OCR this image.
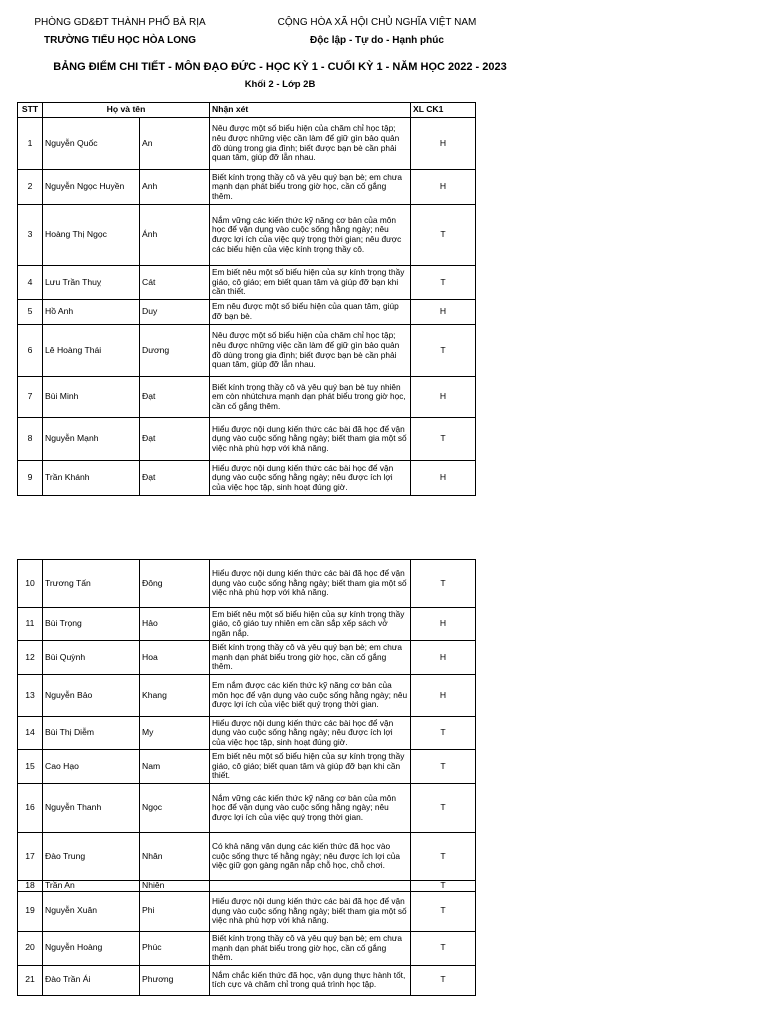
PHÒNG GD&ĐT THÀNH PHỐ BÀ RỊA
TRƯỜNG TIỂU HỌC HÒA LONG
CỘNG HÒA XÃ HỘI CHỦ NGHĨA VIỆT NAM
Độc lập - Tự do - Hạnh phúc
BẢNG ĐIỂM CHI TIẾT - MÔN ĐẠO ĐỨC - HỌC KỲ 1 - CUỐI KỲ 1 - NĂM HỌC 2022 - 2023
Khối 2 - Lớp 2B
STT	Họ và tên		Nhận xét	XL CK1
1	Nguyễn Quốc	An	Nêu được một số biểu hiện của chăm chỉ học tập; nêu được những việc cần làm để giữ gìn bảo quản đồ dùng trong gia đình; biết được bạn bè cần phải quan tâm, giúp đỡ lẫn nhau.	H
2	Nguyễn Ngọc Huyền	Anh	Biết kính trọng thầy cô và yêu quý bạn bè; em chưa mạnh dạn phát biểu trong giờ học, cần cố gắng thêm.	H
3	Hoàng Thị Ngọc	Ánh	Nắm vững các kiến thức kỹ năng cơ bản của môn học để vận dụng vào cuộc sống hằng ngày; nêu được lợi ích của việc quý trọng thời gian; nêu được các biểu hiện của việc kính trọng thầy cô.	T
4	Lưu Trần Thuỵ	Cát	Em biết nêu một số biểu hiện của sự kính trọng thầy giáo, cô giáo; em biết quan tâm và giúp đỡ bạn khi cần thiết.	T
5	Hồ Anh	Duy	Em nêu được một số biểu hiện của quan tâm, giúp đỡ bạn bè.	H
6	Lê Hoàng Thái	Dương	Nêu được một số biểu hiện của chăm chỉ học tập; nêu được những việc cần làm để giữ gìn bảo quản đồ dùng trong gia đình; biết được bạn bè cần phải quan tâm, giúp đỡ lẫn nhau.	T
7	Bùi Minh	Đạt	Biết kính trọng thầy cô và yêu quý bạn bè tuy nhiên em còn nhútchưa mạnh dạn phát biểu trong giờ học, cần cố gắng thêm.	H
8	Nguyễn Mạnh	Đạt	Hiểu được nội dung kiến thức các bài đã học để vận dụng vào cuộc sống hằng ngày; biết tham gia một số việc nhà phù hợp với khả năng.	T
9	Trần Khánh	Đạt	Hiểu được nội dung kiến thức các bài học để vận dụng vào cuộc sống hằng ngày; nêu được ích lợi của việc học tập, sinh hoạt đúng giờ.	H
10	Trương Tấn	Đông	Hiểu được nội dung kiến thức các bài đã học để vận dụng vào cuộc sống hằng ngày; biết tham gia một số việc nhà phù hợp với khả năng.	T
11	Bùi Trọng	Hảo	Em biết nêu một số biểu hiện của sự kính trọng thầy giáo, cô giáo tuy nhiên em cần sắp xếp sách vở ngăn nắp.	H
12	Bùi Quỳnh	Hoa	Biết kính trọng thầy cô và yêu quý bạn bè; em chưa mạnh dạn phát biểu trong giờ học, cần cố gắng thêm.	H
13	Nguyễn Bảo	Khang	Em nắm được các kiến thức kỹ năng cơ bản của môn học để vận dụng vào cuộc sống hằng ngày; nêu được lợi ích của việc biết quý trọng thời gian.	H
14	Bùi Thị Diễm	My	Hiểu được nội dung kiến thức các bài học để vận dụng vào cuộc sống hằng ngày; nêu được ích lợi của việc học tập, sinh hoạt đúng giờ.	T
15	Cao Hạo	Nam	Em biết nêu một số biểu hiện của sự kính trọng thầy giáo, cô giáo; biết quan tâm và giúp đỡ bạn khi cần thiết.	T
16	Nguyễn Thanh	Ngọc	Nắm vững các kiến thức kỹ năng cơ bản của môn học để vận dụng vào cuộc sống hằng ngày; nêu được lợi ích của việc quý trọng thời gian.	T
17	Đào Trung	Nhân	Có khả năng vận dụng các kiến thức đã học vào cuộc sống thực tế hằng ngày; nêu được ích lợi của việc giữ gọn gàng ngăn nắp chỗ học, chỗ chơi.	T
18	Trần An	Nhiên		T
19	Nguyễn Xuân	Phi	Hiểu được nội dung kiến thức các bài đã học để vận dụng vào cuộc sống hằng ngày; biết tham gia một số việc nhà phù hợp với khả năng.	T
20	Nguyễn Hoàng	Phúc	Biết kính trọng thầy cô và yêu quý bạn bè; em chưa mạnh dạn phát biểu trong giờ học, cần cố gắng thêm.	T
21	Đào Trần Ái	Phương	Nắm chắc kiến thức đã học, vận dụng thực hành tốt, tích cực và chăm chỉ trong quá trình học tập.	T
